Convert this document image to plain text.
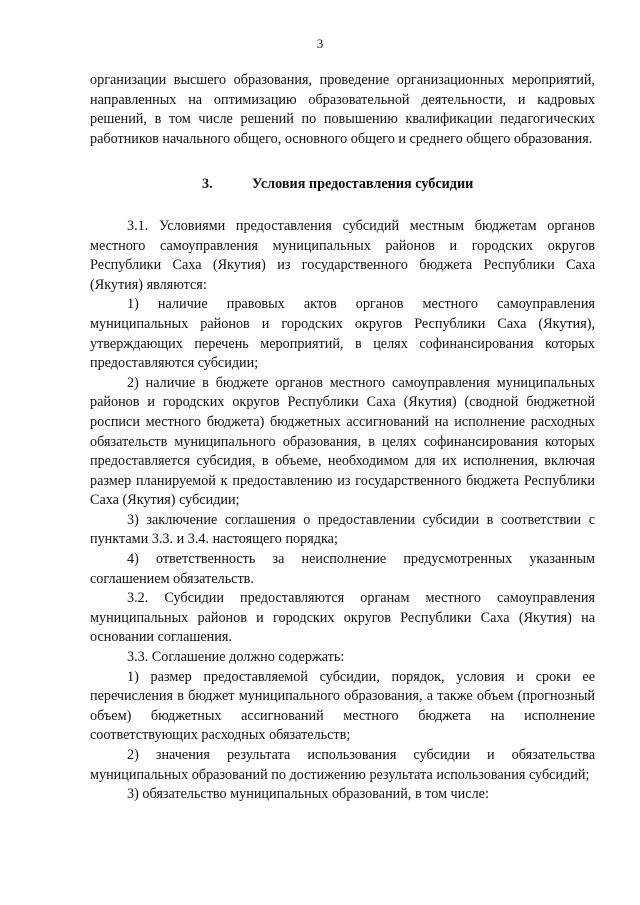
3

организации высшего образования, проведение организационных мероприятий, направленных на оптимизацию образовательной деятельности, и кадровых решений, в том числе решений по повышению квалификации педагогических работников начального общего, основного общего и среднего общего образования.

3.	Условия предоставления субсидии

3.1. Условиями предоставления субсидий местным бюджетам органов местного самоуправления муниципальных районов и городских округов Республики Саха (Якутия) из государственного бюджета Республики Саха (Якутия) являются:

1) наличие правовых актов органов местного самоуправления муниципальных районов и городских округов Республики Саха (Якутия), утверждающих перечень мероприятий, в целях софинансирования которых предоставляются субсидии;

2) наличие в бюджете органов местного самоуправления муниципальных районов и городских округов Республики Саха (Якутия) (сводной бюджетной росписи местного бюджета) бюджетных ассигнований на исполнение расходных обязательств муниципального образования, в целях софинансирования которых предоставляется субсидия, в объеме, необходимом для их исполнения, включая размер планируемой к предоставлению из государственного бюджета Республики Саха (Якутия) субсидии;

3) заключение соглашения о предоставлении субсидии в соответствии с пунктами 3.3. и 3.4. настоящего порядка;

4) ответственность за неисполнение предусмотренных указанным соглашением обязательств.

3.2. Субсидии предоставляются органам местного самоуправления муниципальных районов и городских округов Республики Саха (Якутия) на основании соглашения.

3.3. Соглашение должно содержать:

1) размер предоставляемой субсидии, порядок, условия и сроки ее перечисления в бюджет муниципального образования, а также объем (прогнозный объем) бюджетных ассигнований местного бюджета на исполнение соответствующих расходных обязательств;

2) значения результата использования субсидии и обязательства муниципальных образований по достижению результата использования субсидий;

3) обязательство муниципальных образований, в том числе:
